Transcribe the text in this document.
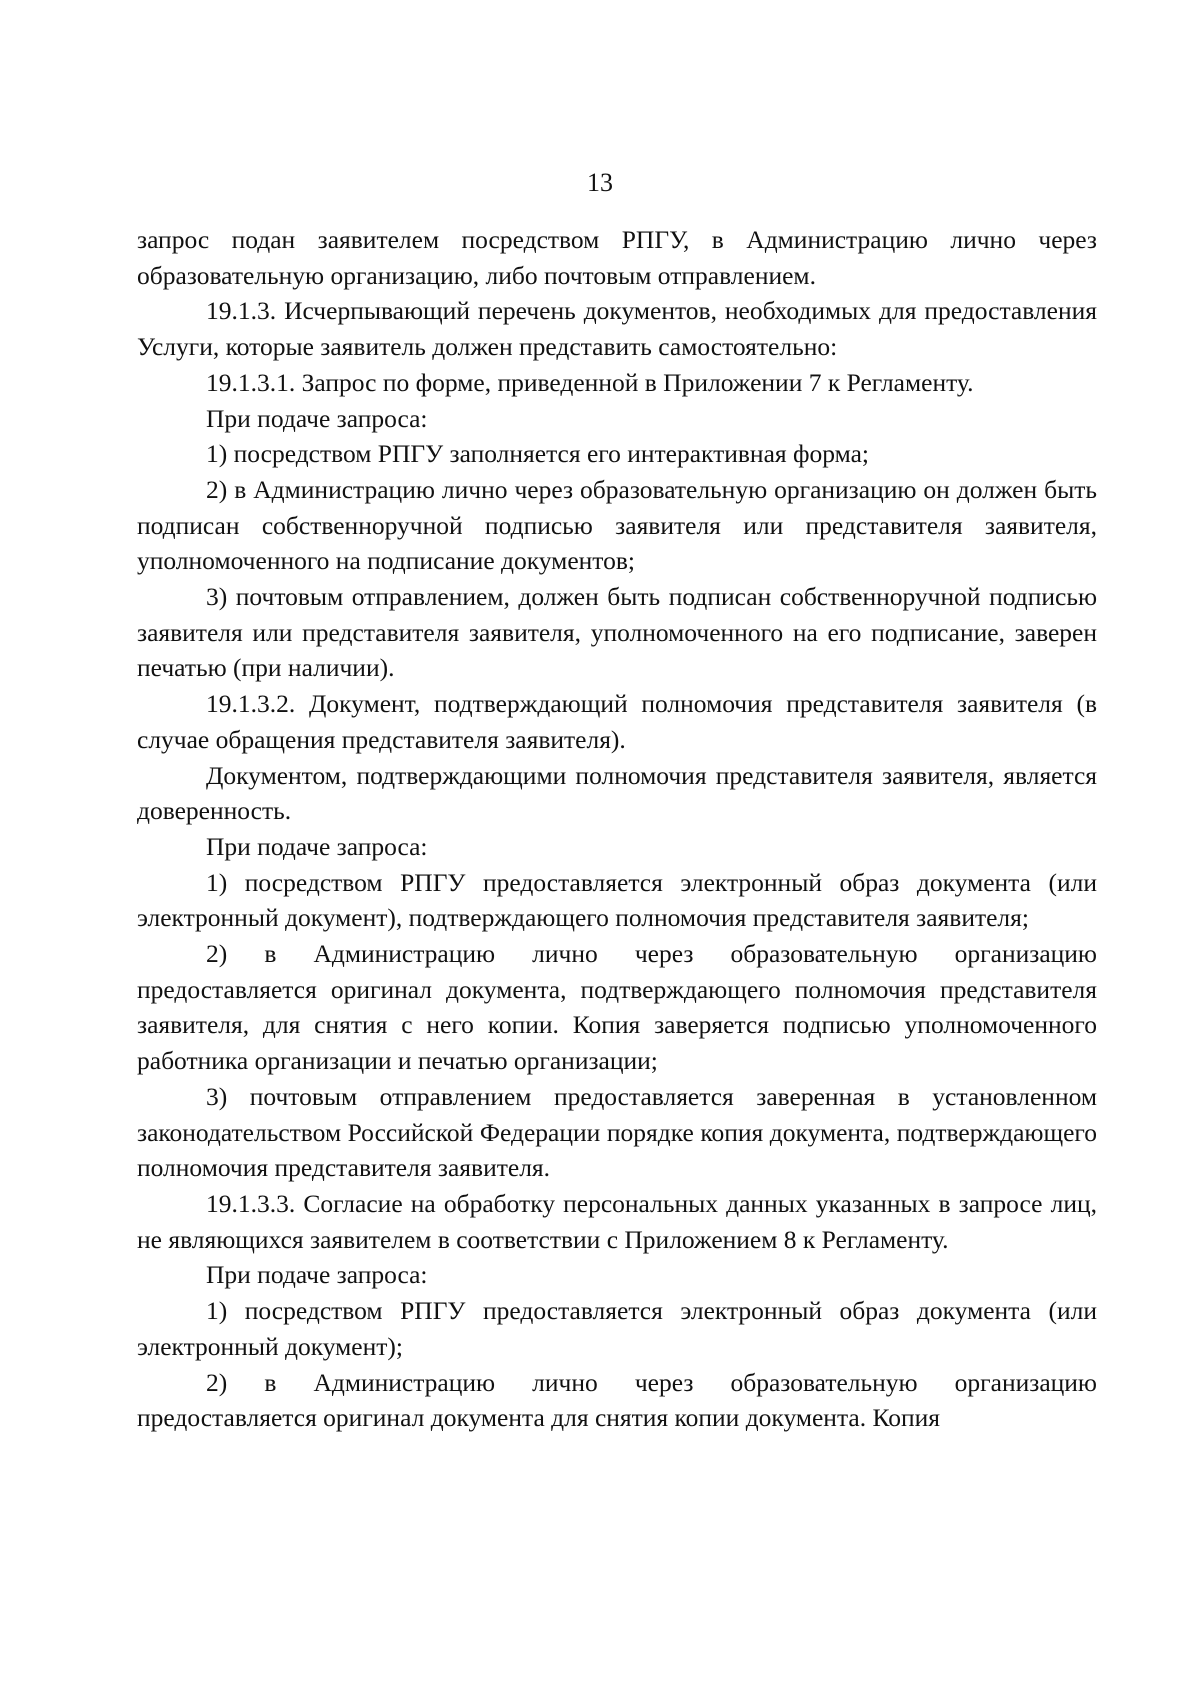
13

запрос подан заявителем посредством РПГУ, в Администрацию лично через образовательную организацию, либо почтовым отправлением.

19.1.3. Исчерпывающий перечень документов, необходимых для предоставления Услуги, которые заявитель должен представить самостоятельно:

19.1.3.1. Запрос по форме, приведенной в Приложении 7 к Регламенту.

При подаче запроса:

1) посредством РПГУ заполняется его интерактивная форма;

2) в Администрацию лично через образовательную организацию он должен быть подписан собственноручной подписью заявителя или представителя заявителя, уполномоченного на подписание документов;

3) почтовым отправлением, должен быть подписан собственноручной подписью заявителя или представителя заявителя, уполномоченного на его подписание, заверен печатью (при наличии).

19.1.3.2. Документ, подтверждающий полномочия представителя заявителя (в случае обращения представителя заявителя).

Документом, подтверждающими полномочия представителя заявителя, является доверенность.

При подаче запроса:

1) посредством РПГУ предоставляется электронный образ документа (или электронный документ), подтверждающего полномочия представителя заявителя;

2) в Администрацию лично через образовательную организацию предоставляется оригинал документа, подтверждающего полномочия представителя заявителя, для снятия с него копии. Копия заверяется подписью уполномоченного работника организации и печатью организации;

3) почтовым отправлением предоставляется заверенная в установленном законодательством Российской Федерации порядке копия документа, подтверждающего полномочия представителя заявителя.

19.1.3.3. Согласие на обработку персональных данных указанных в запросе лиц, не являющихся заявителем в соответствии с Приложением 8 к Регламенту.

При подаче запроса:

1) посредством РПГУ предоставляется электронный образ документа (или электронный документ);

2) в Администрацию лично через образовательную организацию предоставляется оригинал документа для снятия копии документа. Копия
